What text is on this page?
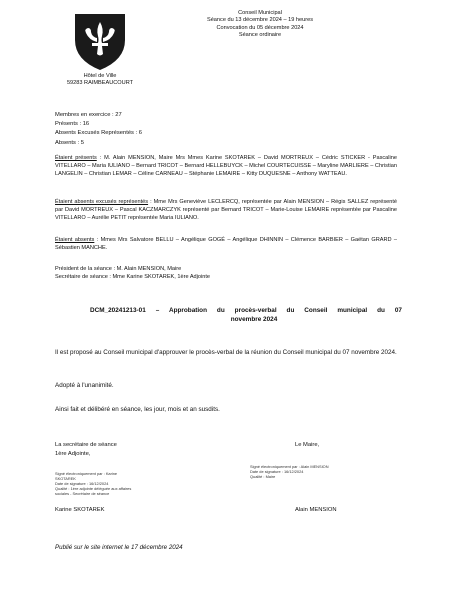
Conseil Municipal
Séance du 13 décembre 2024 – 19 heures
Convocation du 05 décembre 2024
Séance ordinaire
Hôtel de Ville
59283 RAIMBEAUCOURT
Membres en exercice : 27
Présents : 16
Absents Excusés Représentés : 6
Absents : 5
Étaient présents : M. Alain MENSION, Maire Mrs Mmes Karine SKOTAREK – David MORTREUX – Cédric STICKER - Pascaline VITELLARO – Maria IULIANO – Bernard TRICOT – Bernard HELLEBUYCK – Michel COURTECUISSE – Maryline MARLIERE – Christian LANGELIN – Christian LEMAR – Céline CARNEAU – Stéphanie LEMAIRE – Kitty DUQUESNE – Anthony WATTEAU.
Étaient absents excusés représentés : Mme Mrs Geneviève LECLERCQ, représentée par Alain MENSION – Régis SALLEZ représenté par David MORTREUX – Pascal KACZMARCZYK représenté par Bernard TRICOT – Marie-Louise LEMAIRE représentée par Pascaline VITELLARO – Aurélie PETIT représentée Maria IULIANO.
Étaient absents : Mmes Mrs Salvatore BELLU – Angélique GOGÉ – Angélique DHINNIN – Clémence BARBIER – Gaëtan GRARD – Sébastien MANCHE.
Président de la séance : M. Alain MENSION, Maire
Secrétaire de séance : Mme Karine SKOTAREK, 1ère Adjointe
DCM_20241213-01 – Approbation du procès-verbal du Conseil municipal du 07
novembre 2024
Il est proposé au Conseil municipal d'approuver le procès-verbal de la réunion du Conseil municipal du 07 novembre 2024.
Adopté à l'unanimité.
Ainsi fait et délibéré en séance, les jour, mois et an susdits.
La secrétaire de séance
1ère Adjointe,
Signé électroniquement par : Karine
SKOTAREK
Date de signature : 16/12/2024
Qualité : 1ère adjointe déléguée aux affaires
sociales - Secrétaire de séance
Karine SKOTAREK
Le Maire,
Signé électroniquement par : Alain MENSION
Date de signature : 16/12/2024
Qualité : Maire
Alain MENSION
Publié sur le site internet le 17 décembre 2024
